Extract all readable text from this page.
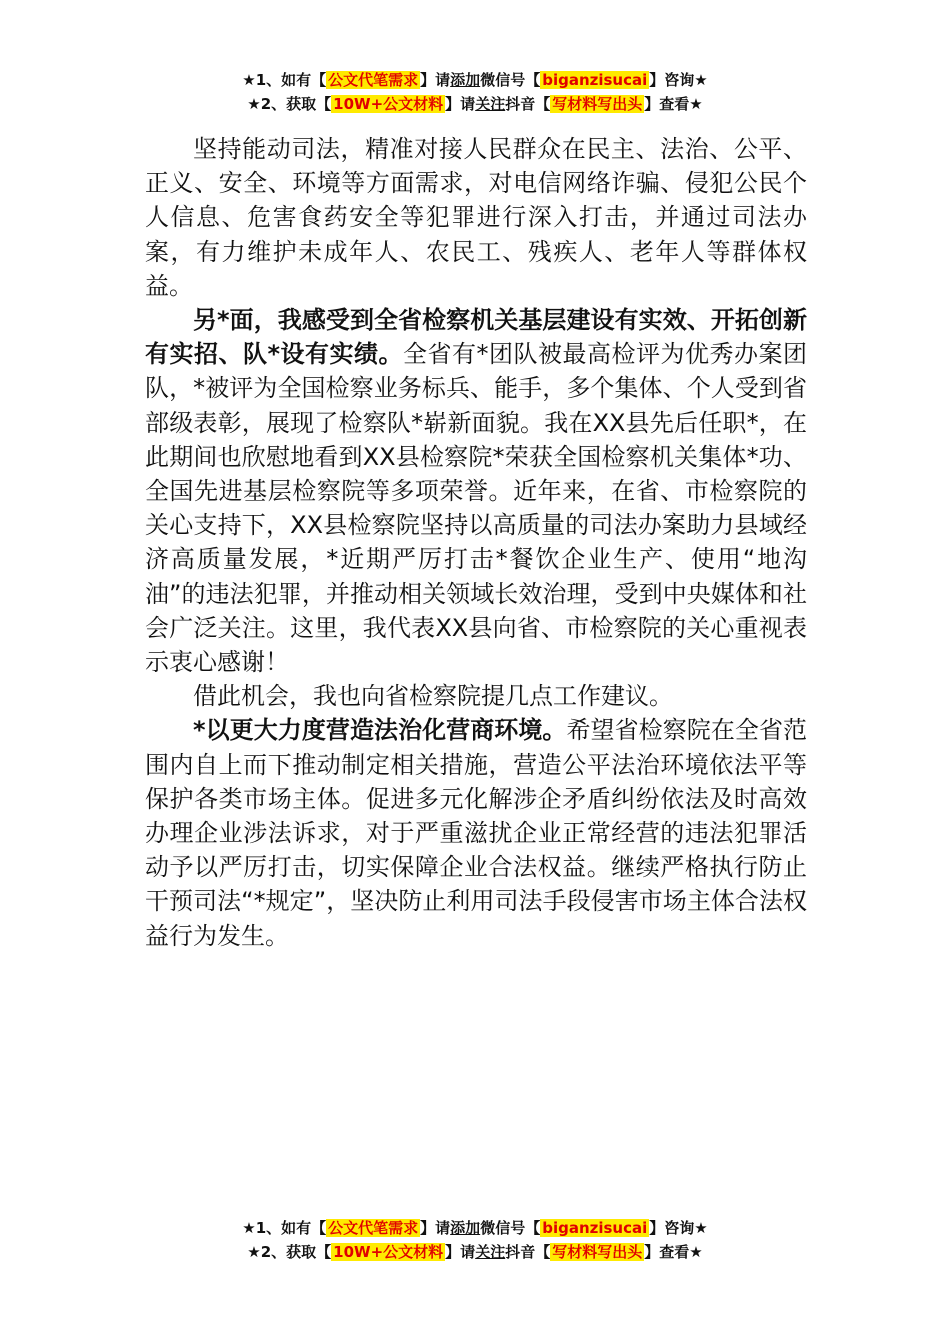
★1、如有【 公文代笔需求 】请添加微信号【 biganzisucai 】咨询★
★2、获取【 10W+公文材料 】请关注抖音【 写材料写出头 】查看★

坚持能动司法，精准对接人民群众在民主、法治、公平、正义、安全、环境等方面需求，对电信网络诈骗、侵犯公民个人信息、危害食药安全等犯罪进行深入打击，并通过司法办案，有力维护未成年人、农民工、残疾人、老年人等群体权益。

另*面，我感受到全省检察机关基层建设有实效、开拓创新有实招、队*设有实绩。全省有*团队被最高检评为优秀办案团队，*被评为全国检察业务标兵、能手，多个集体、个人受到省部级表彰，展现了检察队*崭新面貌。我在XX县先后任职*，在此期间也欣慰地看到XX县检察院*荣获全国检察机关集体*功、全国先进基层检察院等多项荣誉。近年来，在省、市检察院的关心支持下，XX县检察院坚持以高质量的司法办案助力县域经济高质量发展，*近期严厉打击*餐饮企业生产、使用“地沟油”的违法犯罪，并推动相关领域长效治理，受到中央媒体和社会广泛关注。这里，我代表XX县向省、市检察院的关心重视表示衷心感谢！

借此机会，我也向省检察院提几点工作建议。

*以更大力度营造法治化营商环境。希望省检察院在全省范围内自上而下推动制定相关措施，营造公平法治环境依法平等保护各类市场主体。促进多元化解涉企矛盾纠纷依法及时高效办理企业涉法诉求，对于严重滋扰企业正常经营的违法犯罪活动予以严厉打击，切实保障企业合法权益。继续严格执行防止干预司法“*规定”，坚决防止利用司法手段侵害市场主体合法权益行为发生。

★1、如有【 公文代笔需求 】请添加微信号【 biganzisucai 】咨询★
★2、获取【 10W+公文材料 】请关注抖音【 写材料写出头 】查看★
